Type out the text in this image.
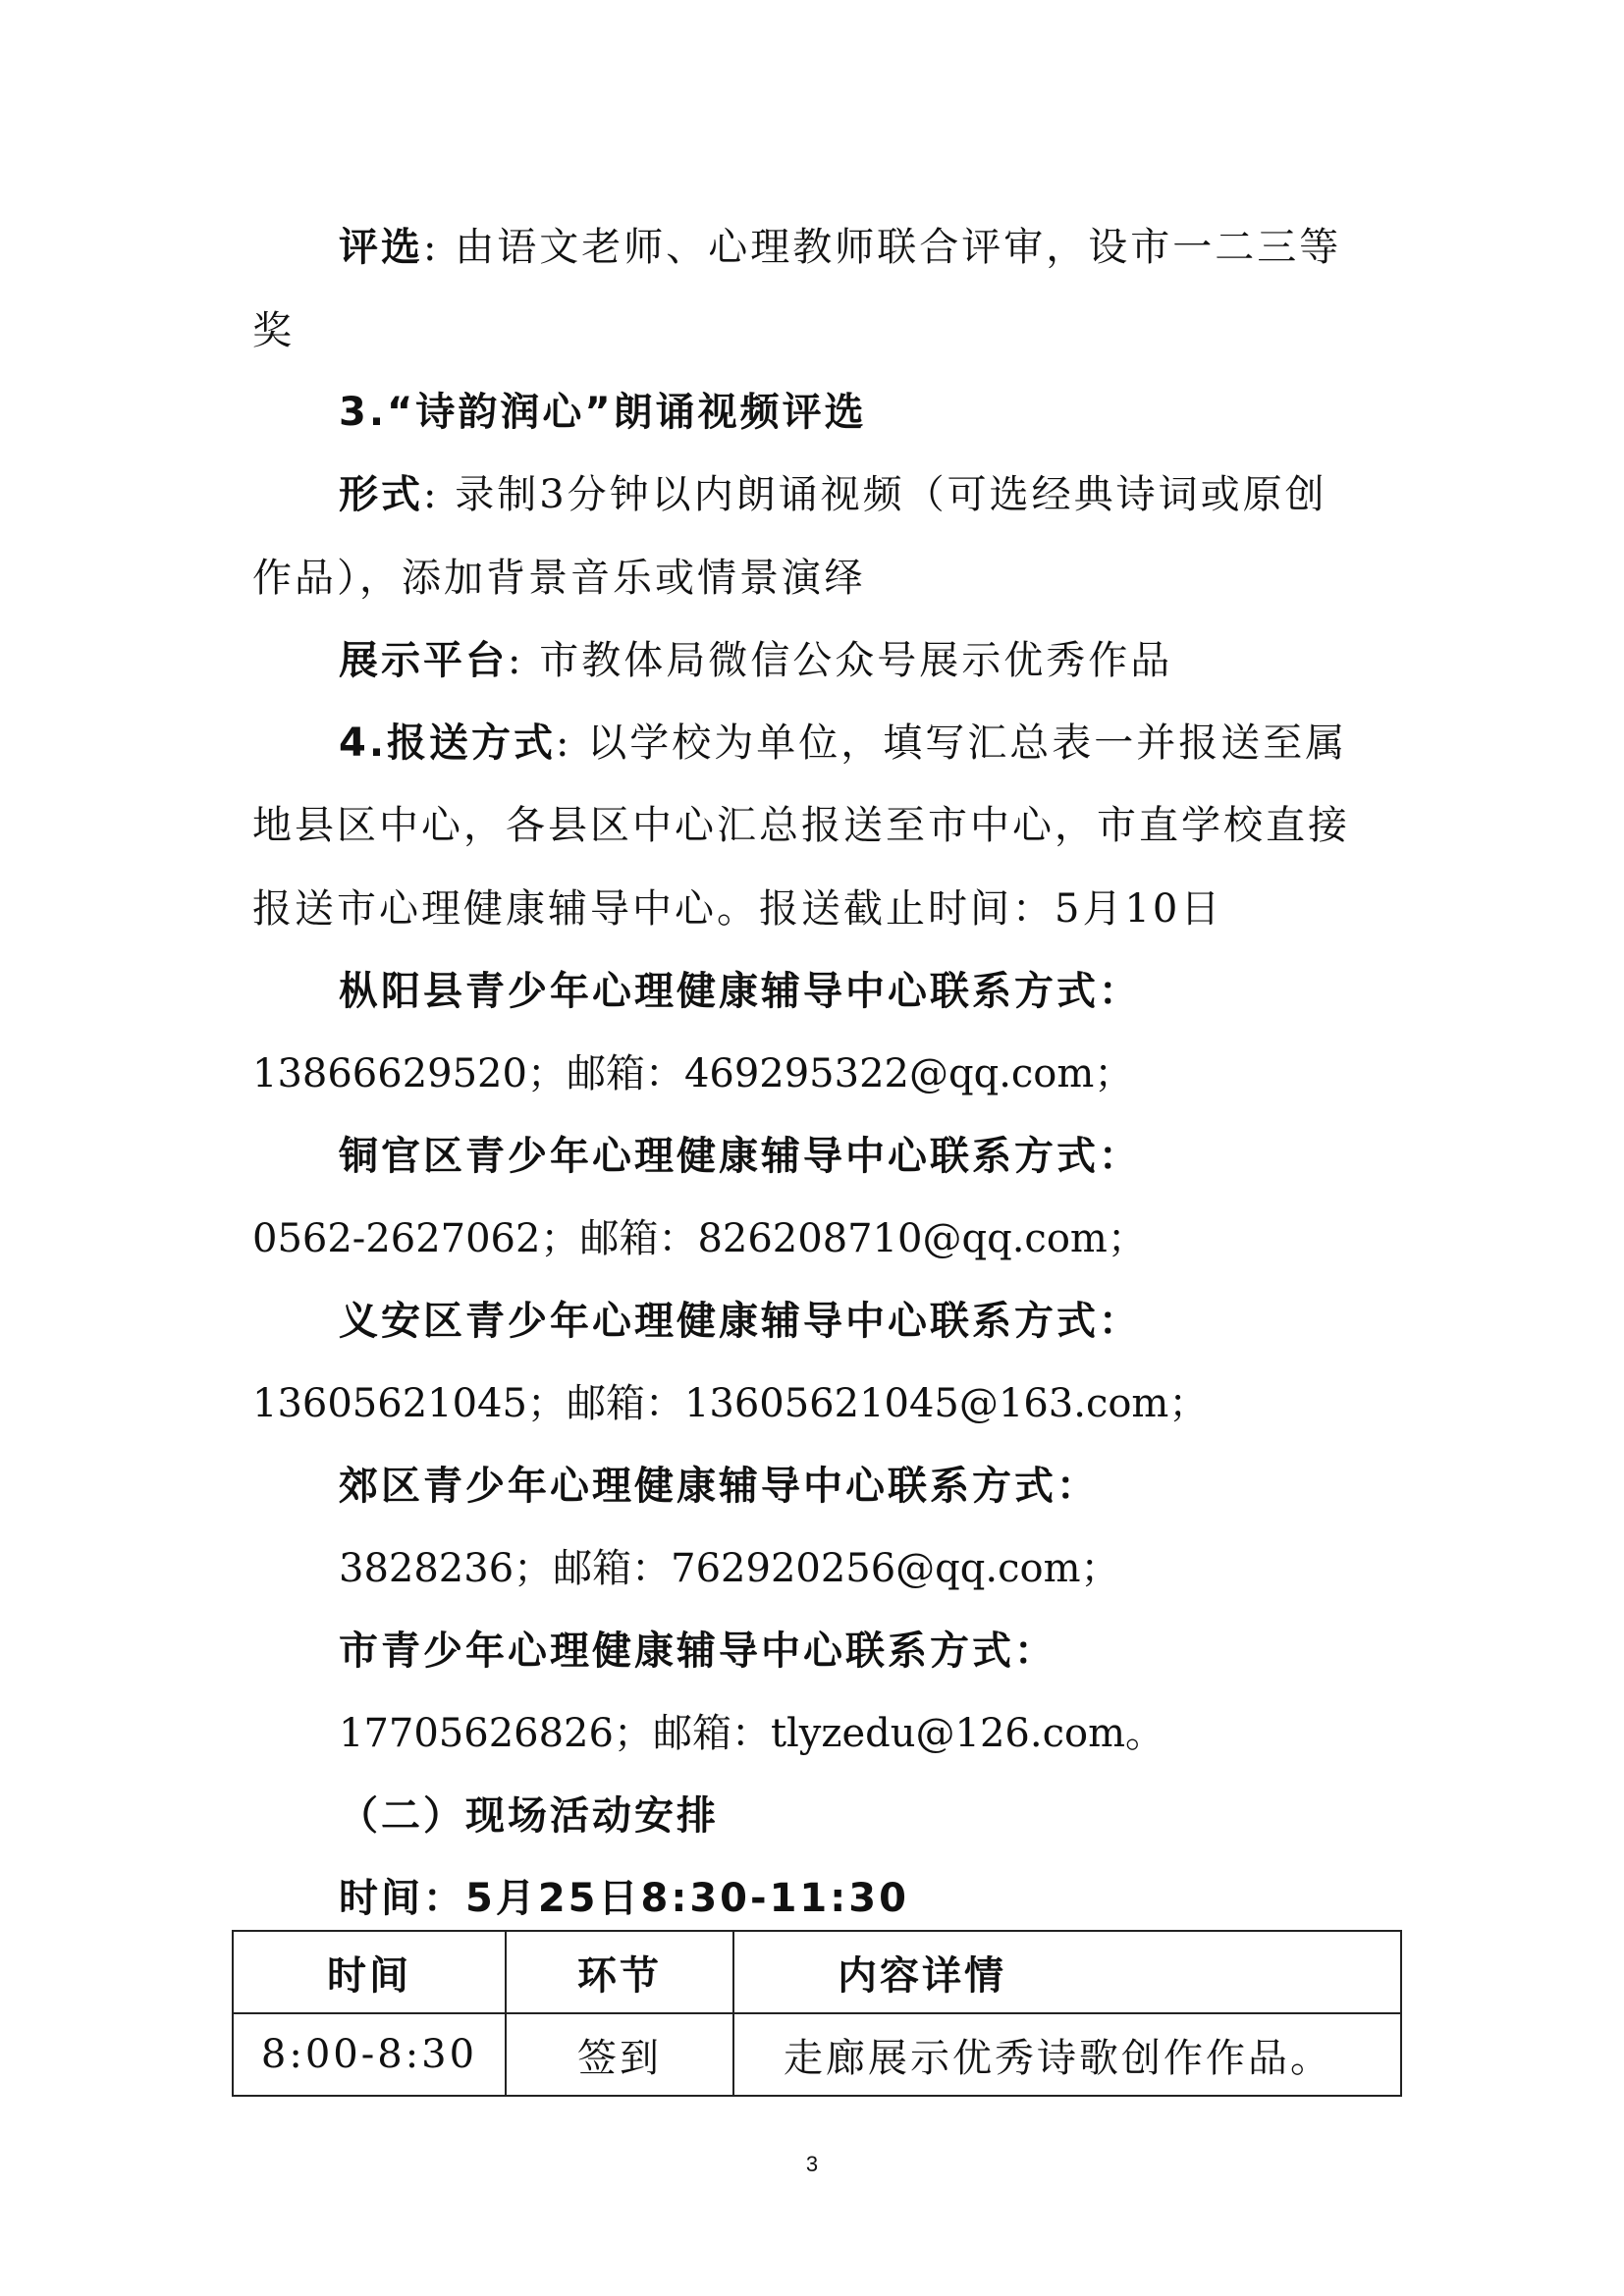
评选: 由语文老师、心理教师联合评审，设市一二三等
奖
3.“诗韵润心”朗诵视频评选
形式: 录制3分钟以内朗诵视频（可选经典诗词或原创
作品），添加背景音乐或情景演绎
展示平台: 市教体局微信公众号展示优秀作品
4.报送方式: 以学校为单位，填写汇总表一并报送至属
地县区中心，各县区中心汇总报送至市中心，市直学校直接
报送市心理健康辅导中心。报送截止时间：5月10日
枞阳县青少年心理健康辅导中心联系方式：
13866629520；邮箱：469295322@qq.com；
铜官区青少年心理健康辅导中心联系方式：
0562-2627062；邮箱：826208710@qq.com；
义安区青少年心理健康辅导中心联系方式：
13605621045；邮箱：13605621045@163.com；
郊区青少年心理健康辅导中心联系方式：
3828236；邮箱：762920256@qq.com；
市青少年心理健康辅导中心联系方式：
17705626826；邮箱：tlyzedu@126.com。
（二）现场活动安排
时间：5月25日8:30-11:30
时间	环节	内容详情
8:00-8:30	签到	走廊展示优秀诗歌创作作品。
3
